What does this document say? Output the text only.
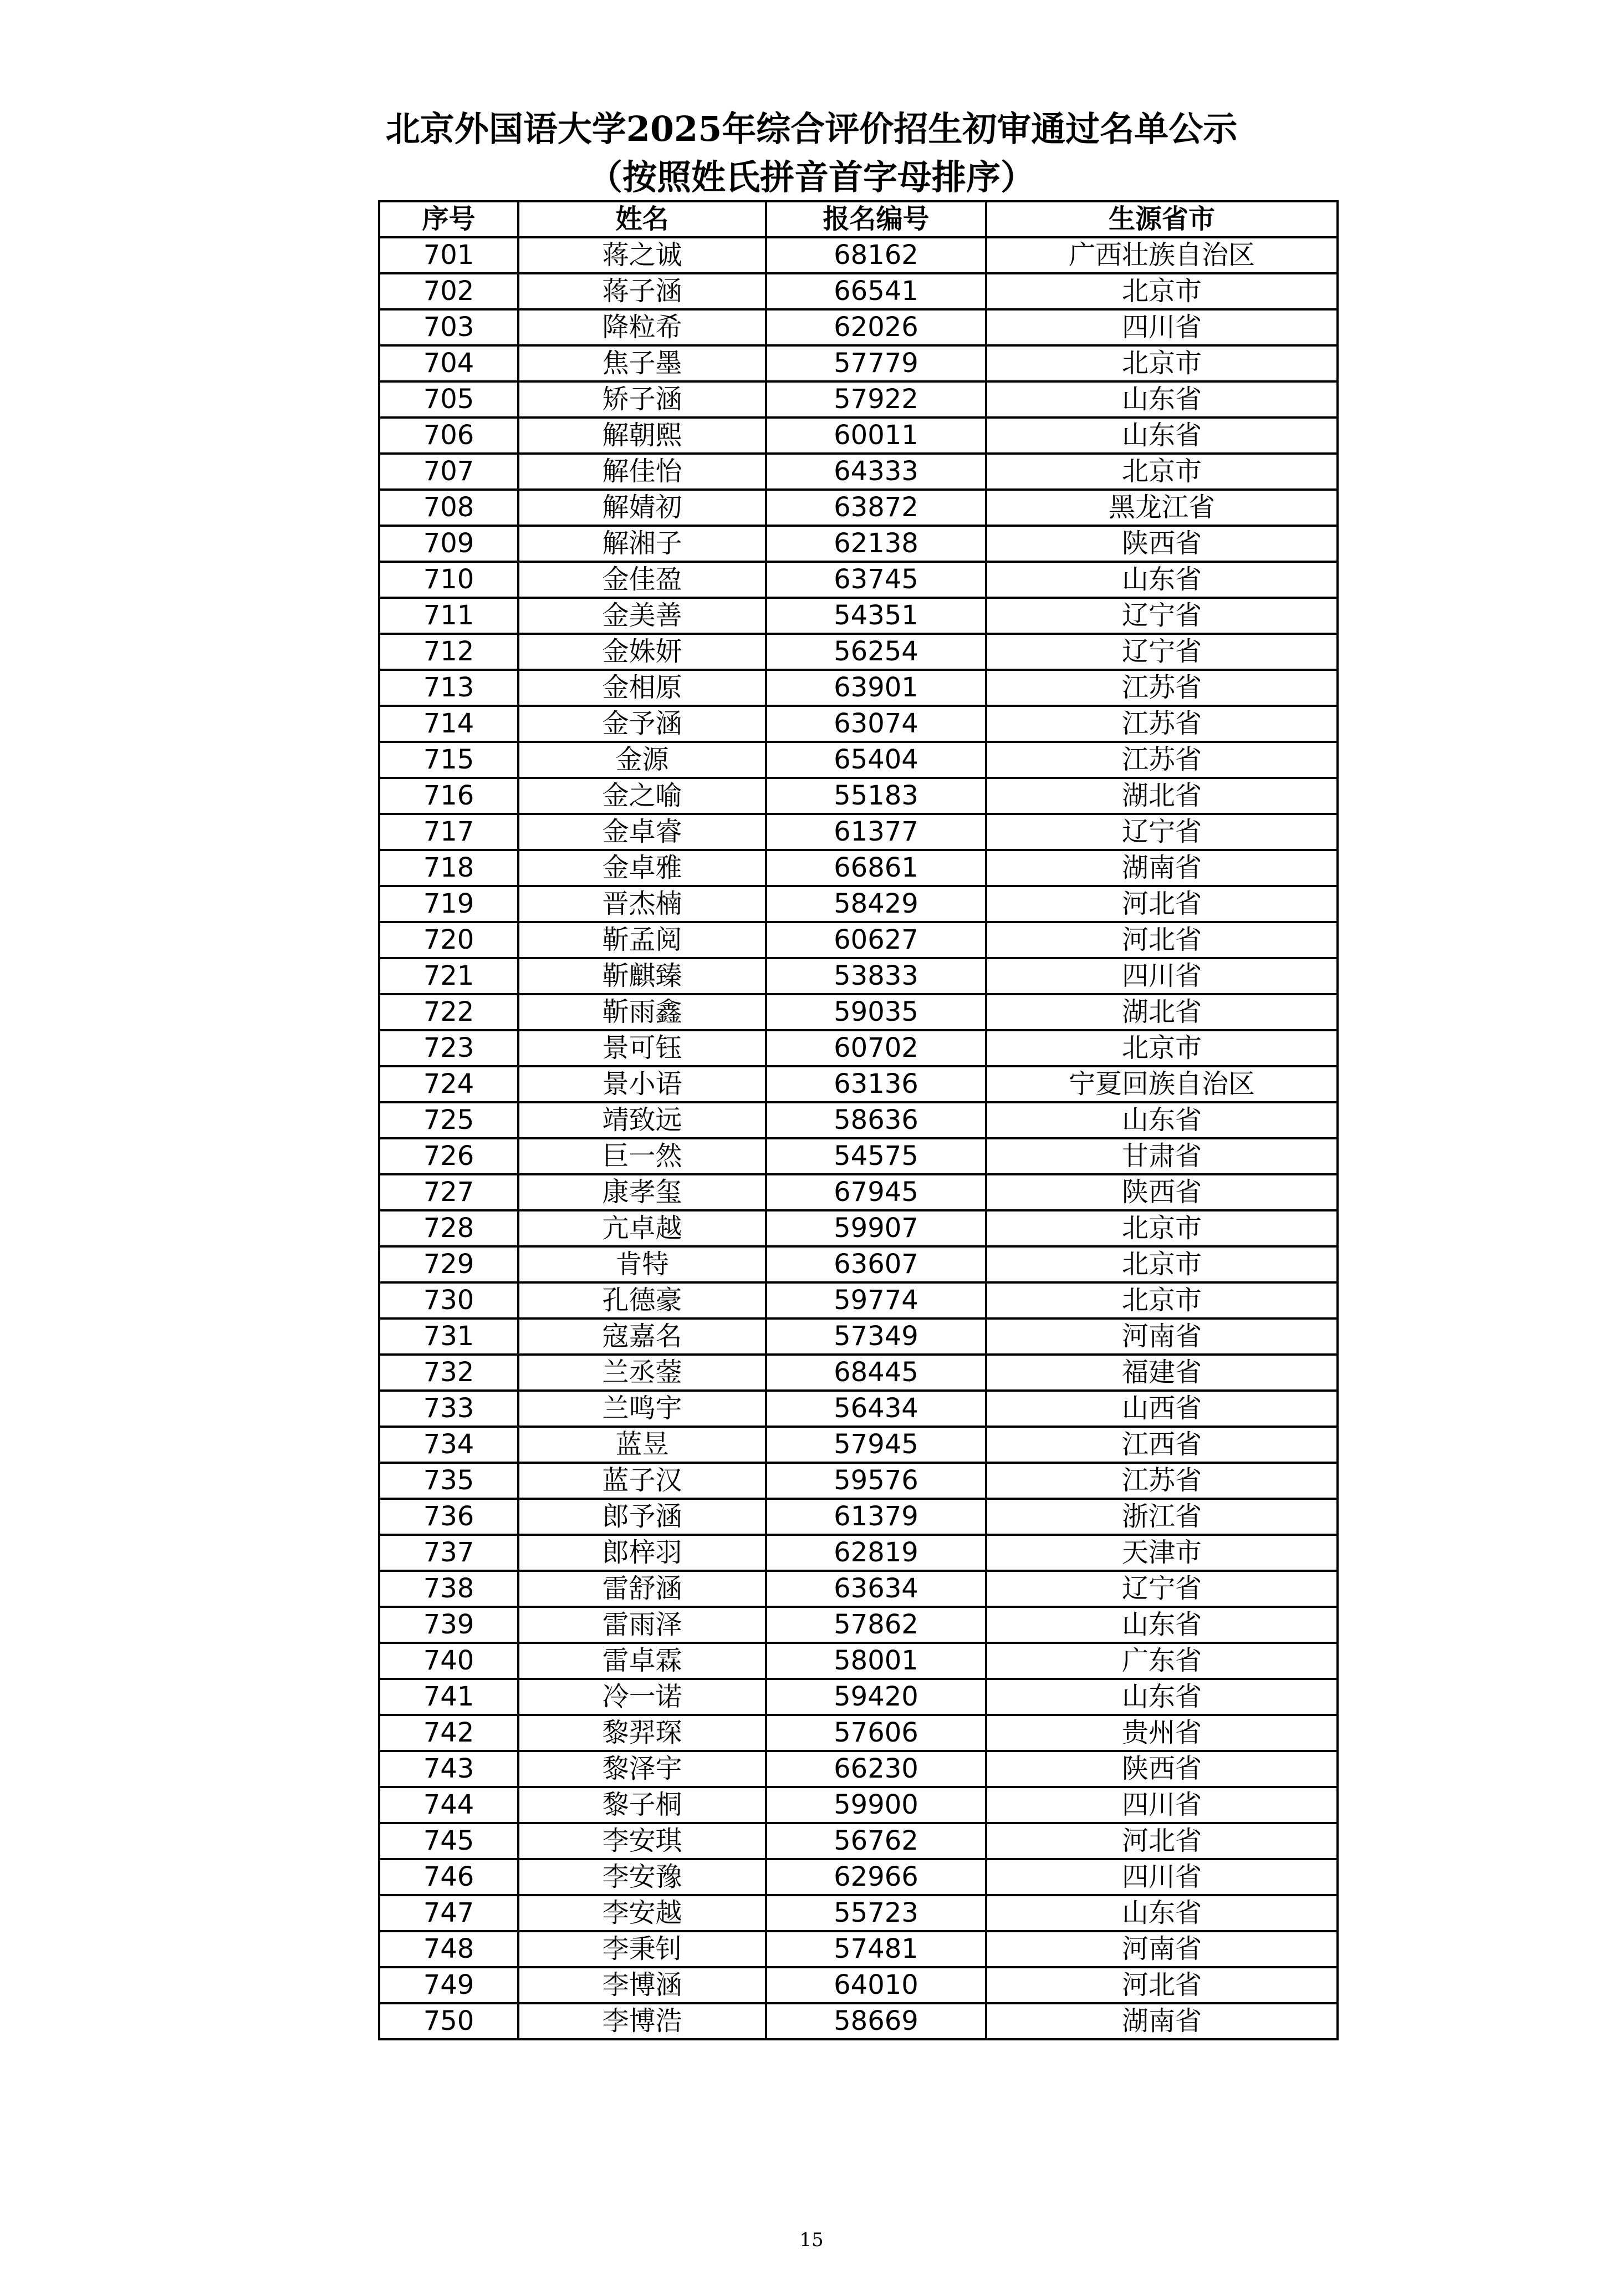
北京外国语大学2025年综合评价招生初审通过名单公示
（按照姓氏拼音首字母排序）
序号	姓名	报名编号	生源省市
701	蒋之诚	68162	广西壮族自治区
702	蒋子涵	66541	北京市
703	降粒希	62026	四川省
704	焦子墨	57779	北京市
705	矫子涵	57922	山东省
706	解朝熙	60011	山东省
707	解佳怡	64333	北京市
708	解婧初	63872	黑龙江省
709	解湘子	62138	陕西省
710	金佳盈	63745	山东省
711	金美善	54351	辽宁省
712	金姝妍	56254	辽宁省
713	金相原	63901	江苏省
714	金予涵	63074	江苏省
715	金源	65404	江苏省
716	金之喻	55183	湖北省
717	金卓睿	61377	辽宁省
718	金卓雅	66861	湖南省
719	晋杰楠	58429	河北省
720	靳孟阅	60627	河北省
721	靳麒臻	53833	四川省
722	靳雨鑫	59035	湖北省
723	景可钰	60702	北京市
724	景小语	63136	宁夏回族自治区
725	靖致远	58636	山东省
726	巨一然	54575	甘肃省
727	康孝玺	67945	陕西省
728	亢卓越	59907	北京市
729	肯特	63607	北京市
730	孔德豪	59774	北京市
731	寇嘉名	57349	河南省
732	兰丞蓥	68445	福建省
733	兰鸣宇	56434	山西省
734	蓝昱	57945	江西省
735	蓝子汉	59576	江苏省
736	郎予涵	61379	浙江省
737	郎梓羽	62819	天津市
738	雷舒涵	63634	辽宁省
739	雷雨泽	57862	山东省
740	雷卓霖	58001	广东省
741	冷一诺	59420	山东省
742	黎羿琛	57606	贵州省
743	黎泽宇	66230	陕西省
744	黎子桐	59900	四川省
745	李安琪	56762	河北省
746	李安豫	62966	四川省
747	李安越	55723	山东省
748	李秉钊	57481	河南省
749	李博涵	64010	河北省
750	李博浩	58669	湖南省
15
